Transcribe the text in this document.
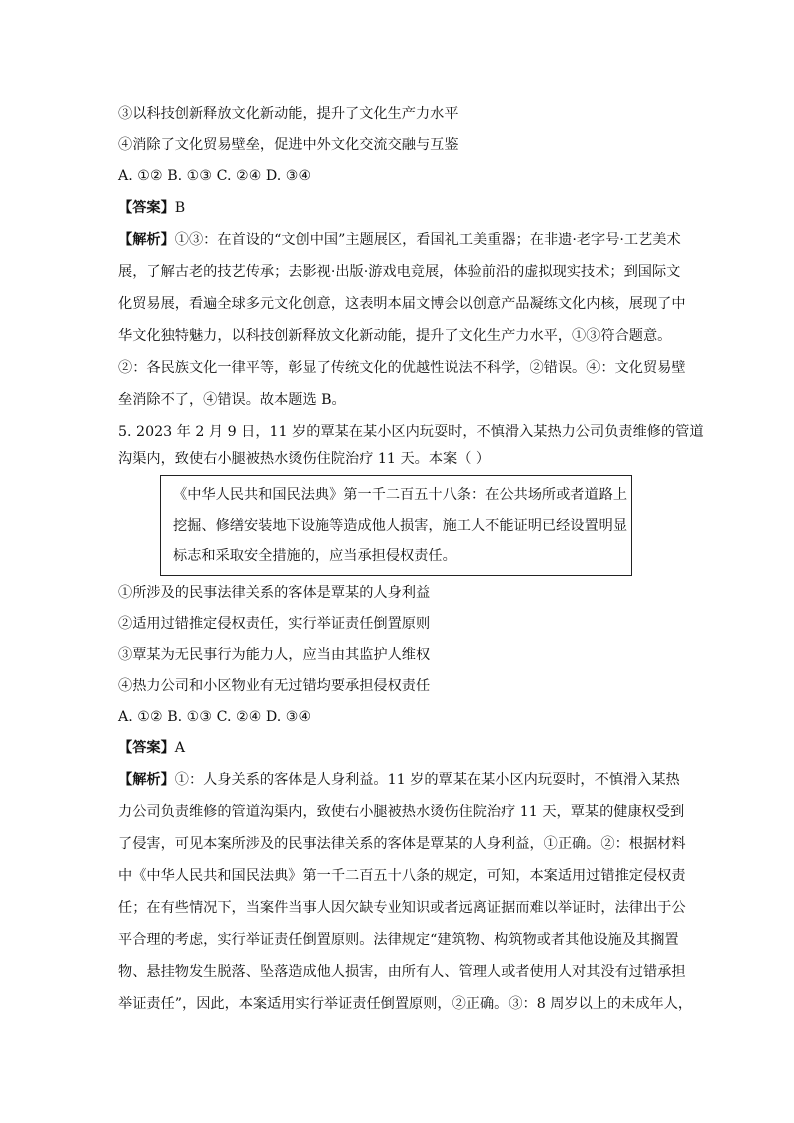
③以科技创新释放文化新动能，提升了文化生产力水平
④消除了文化贸易壁垒，促进中外文化交流交融与互鉴
A. ①② B. ①③ C. ②④ D. ③④
【答案】B
【解析】①③：在首设的“文创中国”主题展区，看国礼工美重器；在非遗·老字号·工艺美术
展，了解古老的技艺传承；去影视·出版·游戏电竞展，体验前沿的虚拟现实技术；到国际文
化贸易展，看遍全球多元文化创意，这表明本届文博会以创意产品凝练文化内核，展现了中
华文化独特魅力，以科技创新释放文化新动能，提升了文化生产力水平，①③符合题意。
②：各民族文化一律平等，彰显了传统文化的优越性说法不科学，②错误。④：文化贸易壁
垒消除不了，④错误。故本题选 B。
5. 2023 年 2 月 9 日，11 岁的覃某在某小区内玩耍时，不慎滑入某热力公司负责维修的管道
沟渠内，致使右小腿被热水烫伤住院治疗 11 天。本案（ ）
《中华人民共和国民法典》第一千二百五十八条：在公共场所或者道路上
挖掘、修缮安装地下设施等造成他人损害，施工人不能证明已经设置明显
标志和采取安全措施的，应当承担侵权责任。
①所涉及的民事法律关系的客体是覃某的人身利益
②适用过错推定侵权责任，实行举证责任倒置原则
③覃某为无民事行为能力人，应当由其监护人维权
④热力公司和小区物业有无过错均要承担侵权责任
A. ①② B. ①③ C. ②④ D. ③④
【答案】A
【解析】①：人身关系的客体是人身利益。11 岁的覃某在某小区内玩耍时，不慎滑入某热
力公司负责维修的管道沟渠内，致使右小腿被热水烫伤住院治疗 11 天，覃某的健康权受到
了侵害，可见本案所涉及的民事法律关系的客体是覃某的人身利益，①正确。②：根据材料
中《中华人民共和国民法典》第一千二百五十八条的规定，可知，本案适用过错推定侵权责
任；在有些情况下，当案件当事人因欠缺专业知识或者远离证据而难以举证时，法律出于公
平合理的考虑，实行举证责任倒置原则。法律规定“建筑物、构筑物或者其他设施及其搁置
物、悬挂物发生脱落、坠落造成他人损害，由所有人、管理人或者使用人对其没有过错承担
举证责任”，因此，本案适用实行举证责任倒置原则，②正确。③：8 周岁以上的未成年人，
